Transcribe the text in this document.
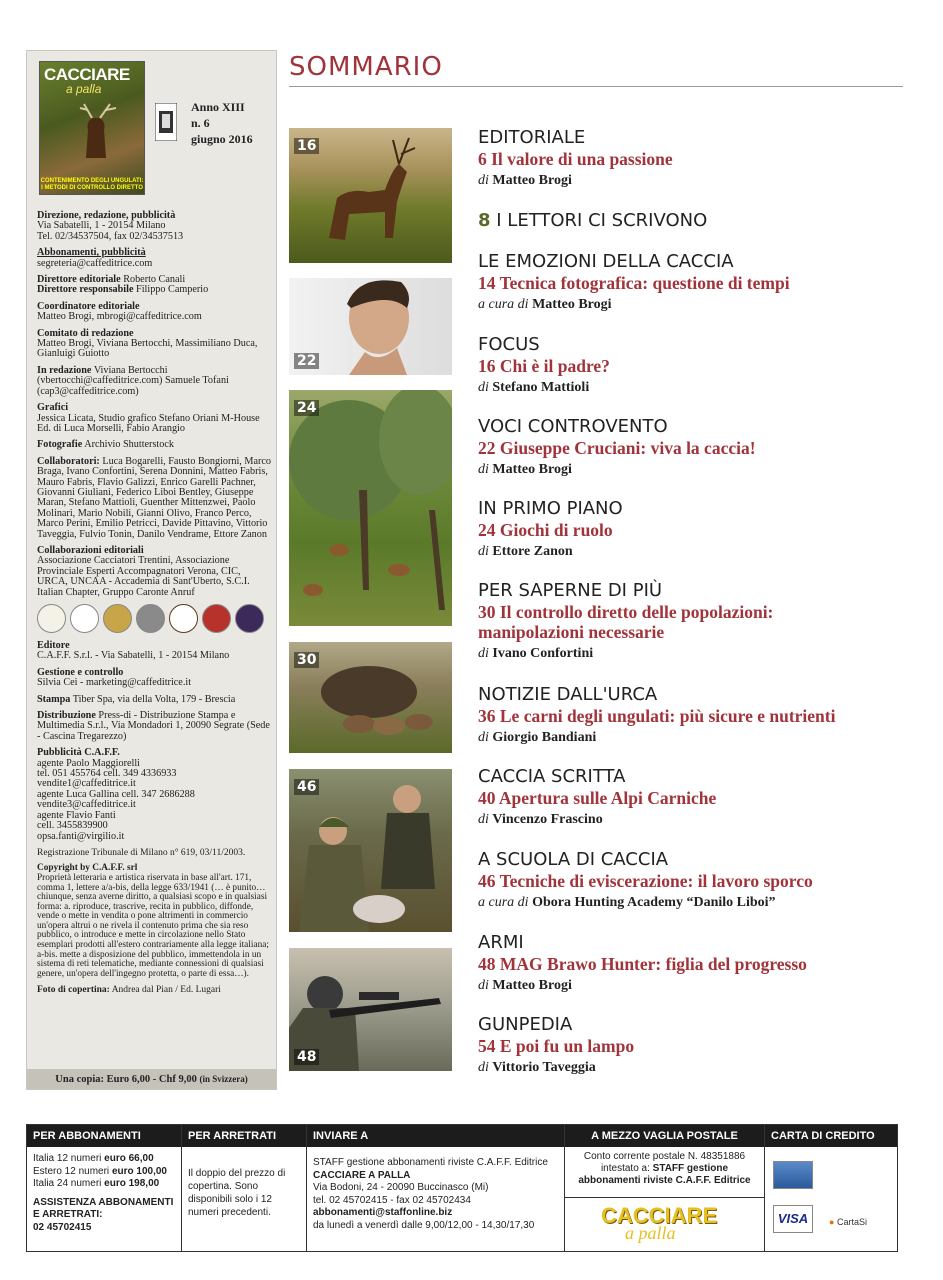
CACCIARE
a palla
CONTENIMENTO DEGLI UNGULATI: I METODI DI CONTROLLO DIRETTO
Anno XIII
n. 6
giugno 2016

Direzione, redazione, pubblicità
Via Sabatelli, 1 - 20154 Milano
Tel. 02/34537504, fax 02/34537513

Abbonamenti, pubblicità
segreteria@caffeditrice.com

Direttore editoriale Roberto Canali
Direttore responsabile Filippo Camperio

Coordinatore editoriale
Matteo Brogi, mbrogi@caffeditrice.com

Comitato di redazione
Matteo Brogi, Viviana Bertocchi, Massimiliano Duca, Gianluigi Guiotto

In redazione Viviana Bertocchi (vbertocchi@caffeditrice.com) Samuele Tofani (cap3@caffeditrice.com)

Grafici
Jessica Licata, Studio grafico Stefano Oriani M-House Ed. di Luca Morselli, Fabio Arangio

Fotografie Archivio Shutterstock

Collaboratori: Luca Bogarelli, Fausto Bongiorni, Marco Braga, Ivano Confortini, Serena Donnini, Matteo Fabris, Mauro Fabris, Flavio Galizzi, Enrico Garelli Pachner, Giovanni Giuliani, Federico Liboi Bentley, Giuseppe Maran, Stefano Mattioli, Guenther Mittenzwei, Paolo Molinari, Mario Nobili, Gianni Olivo, Franco Perco, Marco Perini, Emilio Petricci, Davide Pittavino, Vittorio Taveggia, Fulvio Tonin, Danilo Vendrame, Ettore Zanon

Collaborazioni editoriali
Associazione Cacciatori Trentini, Associazione Provinciale Esperti Accompagnatori Verona, CIC, URCA, UNCAA - Accademia di Sant'Uberto, S.C.I. Italian Chapter, Gruppo Caronte Anruf

Editore
C.A.F.F. S.r.l. - Via Sabatelli, 1 - 20154 Milano

Gestione e controllo
Silvia Cei - marketing@caffeditrice.it

Stampa Tiber Spa, via della Volta, 179 - Brescia

Distribuzione Press-di - Distribuzione Stampa e Multimedia S.r.l., Via Mondadori 1, 20090 Segrate (Sede - Cascina Tregarezzo)

Pubblicità C.A.F.F.
agente Paolo Maggiorelli
tel. 051 455764 cell. 349 4336933
vendite1@caffeditrice.it
agente Luca Gallina cell. 347 2686288
vendite3@caffeditrice.it
agente Flavio Fanti
cell. 3455839900
opsa.fanti@virgilio.it

Registrazione Tribunale di Milano n° 619, 03/11/2003.

Copyright by C.A.F.F. srl
Proprietà letteraria e artistica riservata in base all'art. 171, comma 1, lettere a/a-bis, della legge 633/1941 (… è punito… chiunque, senza averne diritto, a qualsiasi scopo e in qualsiasi forma: a. riproduce, trascrive, recita in pubblico, diffonde, vende o mette in vendita o pone altrimenti in commercio un'opera altrui o ne rivela il contenuto prima che sia reso pubblico, o introduce e mette in circolazione nello Stato esemplari prodotti all'estero contrariamente alla legge italiana; a-bis. mette a disposizione del pubblico, immettendola in un sistema di reti telematiche, mediante connessioni di qualsiasi genere, un'opera dell'ingegno protetta, o parte di essa…).

Foto di copertina: Andrea dal Pian / Ed. Lugari

Una copia: Euro 6,00 - Chf 9,00 (in Svizzera)
SOMMARIO
16
22
24
30
46
48
EDITORIALE
6 Il valore di una passione
di Matteo Brogi
8 I LETTORI CI SCRIVONO
LE EMOZIONI DELLA CACCIA
14 Tecnica fotografica: questione di tempi
a cura di Matteo Brogi
FOCUS
16 Chi è il padre?
di Stefano Mattioli
VOCI CONTROVENTO
22 Giuseppe Cruciani: viva la caccia!
di Matteo Brogi
IN PRIMO PIANO
24 Giochi di ruolo
di Ettore Zanon
PER SAPERNE DI PIÙ
30 Il controllo diretto delle popolazioni:
manipolazioni necessarie
di Ivano Confortini
NOTIZIE DALL'URCA
36 Le carni degli ungulati: più sicure e nutrienti
di Giorgio Bandiani
CACCIA SCRITTA
40 Apertura sulle Alpi Carniche
di Vincenzo Frascino
A SCUOLA DI CACCIA
46 Tecniche di eviscerazione: il lavoro sporco
a cura di Obora Hunting Academy “Danilo Liboi”
ARMI
48 MAG Brawo Hunter: figlia del progresso
di Matteo Brogi
GUNPEDIA
54 E poi fu un lampo
di Vittorio Taveggia
PER ABBONAMENTI
Italia 12 numeri euro 66,00
Estero 12 numeri euro 100,00
Italia 24 numeri euro 198,00
ASSISTENZA ABBONAMENTI E ARRETRATI:
02 45702415
PER ARRETRATI
Il doppio del prezzo di copertina. Sono disponibili solo i 12 numeri precedenti.
INVIARE A
STAFF gestione abbonamenti riviste C.A.F.F. Editrice
CACCIARE A PALLA
Via Bodoni, 24 - 20090 Buccinasco (Mi)
tel. 02 45702415 - fax 02 45702434
abbonamenti@staffonline.biz
da lunedì a venerdì dalle 9,00/12,00 - 14,30/17,30
A MEZZO VAGLIA POSTALE
Conto corrente postale N. 48351886
intestato a: STAFF gestione abbonamenti riviste C.A.F.F. Editrice
CACCIARE
a palla
CARTA DI CREDITO
VISA	● CartaSi
